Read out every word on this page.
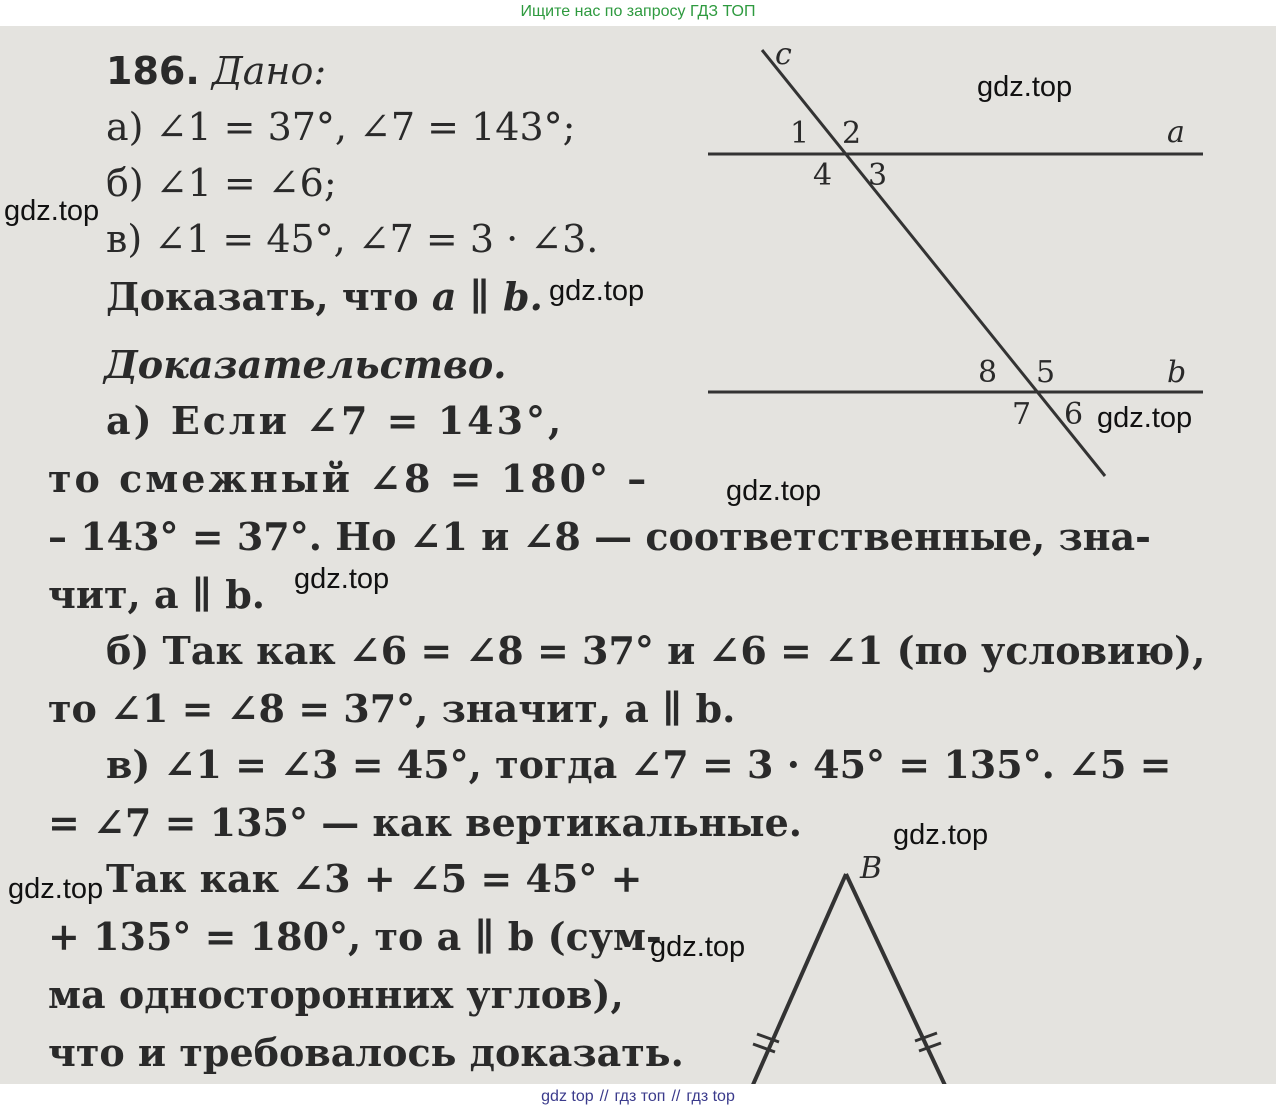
Ищите нас по запросу ГДЗ ТОП
c
a
b
1 2
3
4
5
6
7
8
B
186. Дано:
а) ∠1 = 37°, ∠7 = 143°;
б) ∠1 = ∠6;
в) ∠1 = 45°, ∠7 = 3 · ∠3.
Доказать, что a ∥ b.
Доказательство.
а) Если ∠7 = 143°,
то смежный ∠8 = 180° –
– 143° = 37°. Но ∠1 и ∠8 — соответственные, зна-
чит, a ∥ b.
б) Так как ∠6 = ∠8 = 37° и ∠6 = ∠1 (по условию),
то ∠1 = ∠8 = 37°, значит, a ∥ b.
в) ∠1 = ∠3 = 45°, тогда ∠7 = 3 · 45° = 135°. ∠5 =
= ∠7 = 135° — как вертикальные.
Так как ∠3 + ∠5 = 45° +
+ 135° = 180°, то a ∥ b (сум-
ма односторонних углов),
что и требовалось доказать.
gdz.top
gdz.top
gdz.top
gdz.top
gdz.top
gdz.top
gdz.top
gdz.top
gdz.top
gdz top // гдз топ // гдз top
